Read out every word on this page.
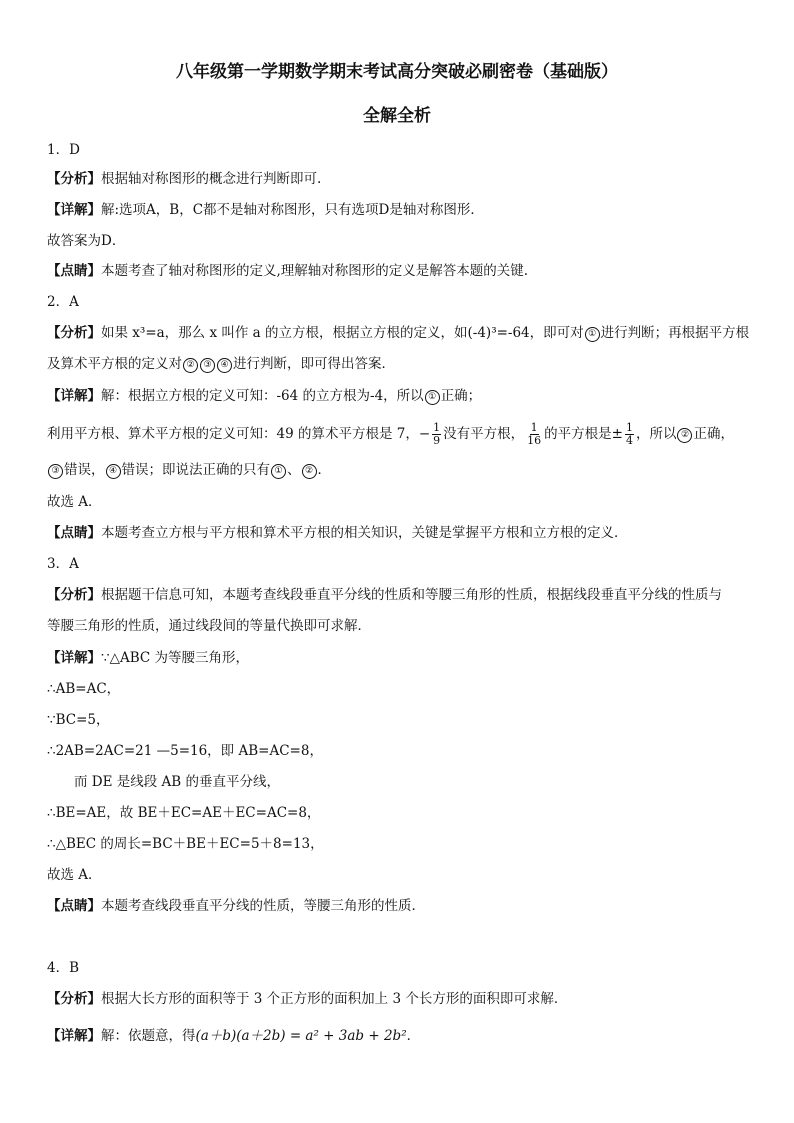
八年级第一学期数学期末考试高分突破必刷密卷（基础版）
全解全析
1．D
【分析】根据轴对称图形的概念进行判断即可.
【详解】解:选项A，B，C都不是轴对称图形，只有选项D是轴对称图形．
故答案为D．
【点睛】本题考查了轴对称图形的定义,理解轴对称图形的定义是解答本题的关键.
2．A
【分析】如果 x³=a，那么 x 叫作 a 的立方根，根据立方根的定义，如(-4)³=-64，即可对 ① 进行判断；再根据平方根
及算术平方根的定义对 ② ③ ④ 进行判断，即可得出答案．
【详解】解：根据立方根的定义可知：-64 的立方根为-4，所以 ① 正确；
利用平方根、算术平方根的定义可知：49 的算术平方根是 7，− $\frac{1}{9}$ 没有平方根， $\frac{1}{16}$ 的平方根是± $\frac{1}{4}$ ，所以 ② 正确，
③ 错误， ④ 错误；即说法正确的只有 ① 、 ② ．
故选 A．
【点睛】本题考查立方根与平方根和算术平方根的相关知识，关键是掌握平方根和立方根的定义．
3．A
【分析】根据题干信息可知，本题考查线段垂直平分线的性质和等腰三角形的性质，根据线段垂直平分线的性质与
等腰三角形的性质，通过线段间的等量代换即可求解．
【详解】∵△ABC 为等腰三角形，
∴AB=AC，
∵BC=5，
∴2AB=2AC=21 —5=16，即 AB=AC=8，
而 DE 是线段 AB 的垂直平分线，
∴BE=AE，故 BE＋EC=AE＋EC=AC=8，
∴△BEC 的周长=BC＋BE＋EC=5＋8=13，
故选 A．
【点睛】本题考查线段垂直平分线的性质，等腰三角形的性质．
4．B
【分析】根据大长方形的面积等于 3 个正方形的面积加上 3 个长方形的面积即可求解．
【详解】解：依题意，得(a＋b)(a＋2b) = a² + 3ab + 2b²．
